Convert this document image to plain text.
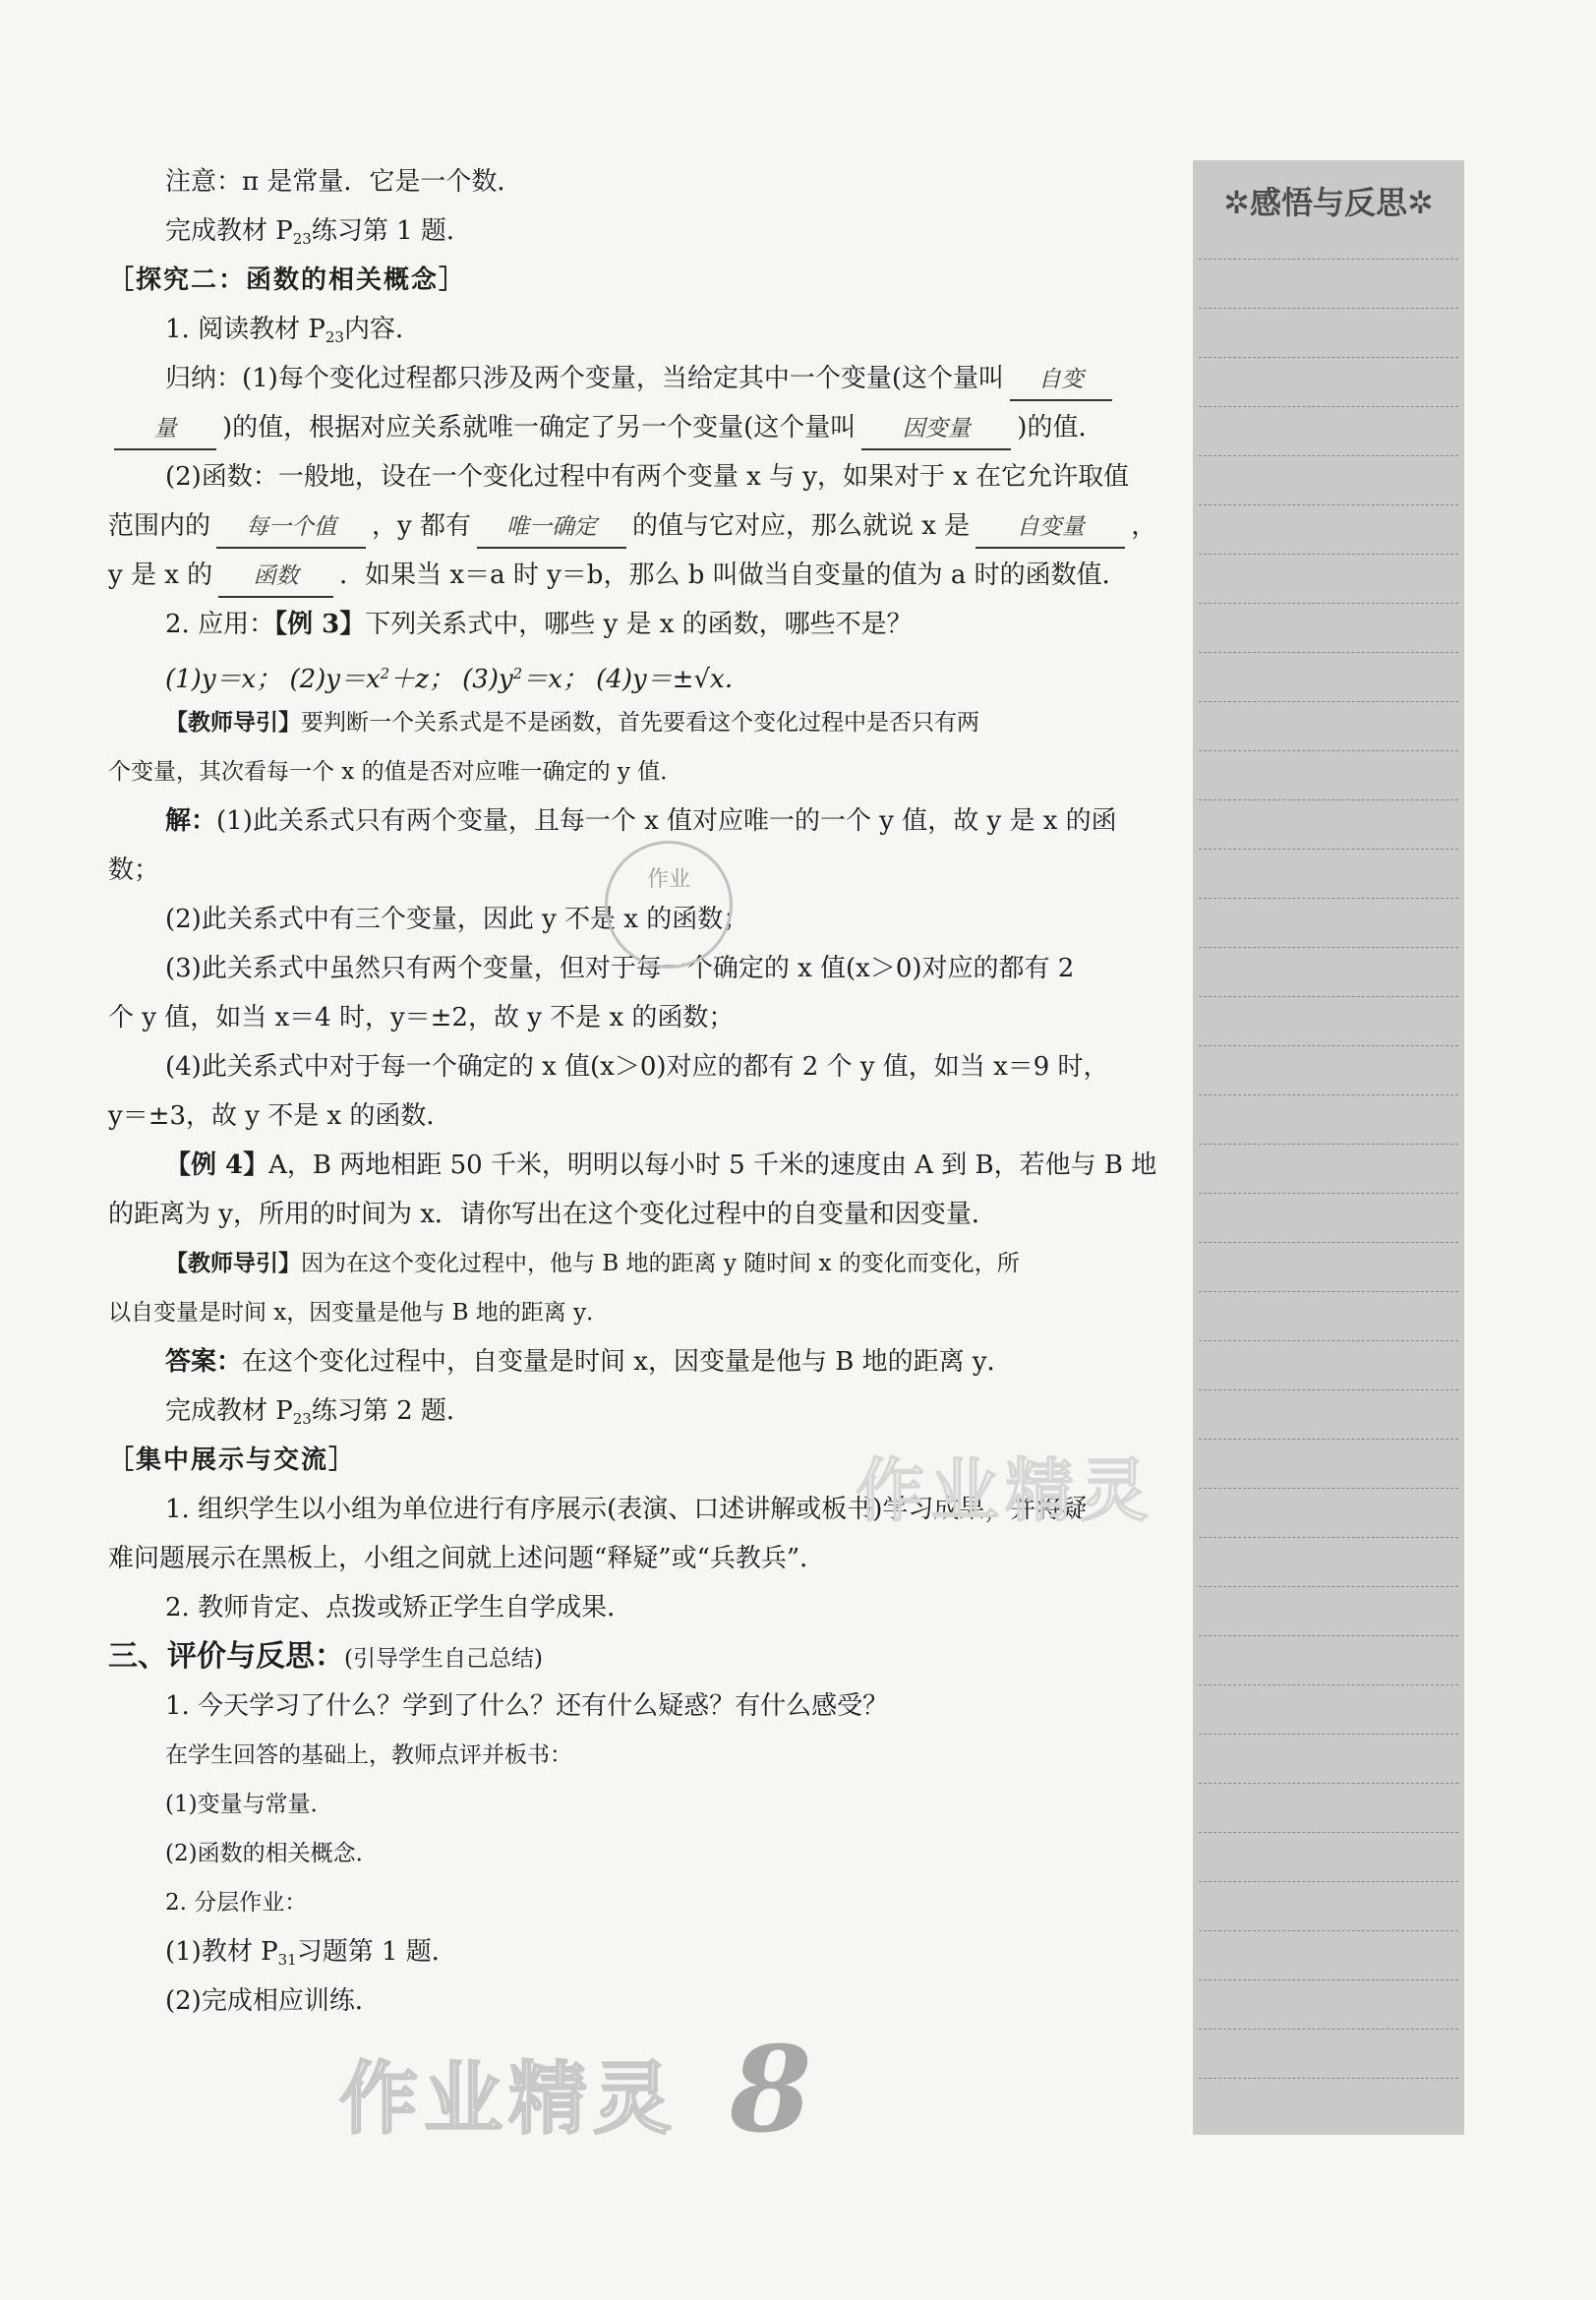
注意：π 是常量．它是一个数．
完成教材 $P_{23}$练习第 1 题．
［探究二：函数的相关概念］
1. 阅读教材 $P_{23}$内容．
归纳：(1)每个变化过程都只涉及两个变量，当给定其中一个变量(这个量叫 自变
量 )的值，根据对应关系就唯一确定了另一个变量(这个量叫 因变量 )的值．
(2)函数：一般地，设在一个变化过程中有两个变量 x 与 y，如果对于 x 在它允许取值
范围内的 每一个值 ，y 都有 唯一确定 的值与它对应，那么就说 x 是 自变量 ，
y 是 x 的 函数 ．如果当 x＝a 时 y＝b，那么 b 叫做当自变量的值为 a 时的函数值．
2. 应用：【例 3】下列关系式中，哪些 y 是 x 的函数，哪些不是？
(1)y＝x； $(2)y=x^2+z$； $(3)y^2=x$； (4)y＝±√x．
【教师导引】要判断一个关系式是不是函数，首先要看这个变化过程中是否只有两
个变量，其次看每一个 x 的值是否对应唯一确定的 y 值．
解：(1)此关系式只有两个变量，且每一个 x 值对应唯一的一个 y 值，故 y 是 x 的函
数；
(2)此关系式中有三个变量，因此 y 不是 x 的函数；
(3)此关系式中虽然只有两个变量，但对于每一个确定的 x 值(x＞0)对应的都有 2
个 y 值，如当 x＝4 时，y＝±2，故 y 不是 x 的函数；
(4)此关系式中对于每一个确定的 x 值(x＞0)对应的都有 2 个 y 值，如当 x＝9 时，
y＝±3，故 y 不是 x 的函数．
【例 4】A，B 两地相距 50 千米，明明以每小时 5 千米的速度由 A 到 B，若他与 B 地
的距离为 y，所用的时间为 x．请你写出在这个变化过程中的自变量和因变量．
【教师导引】因为在这个变化过程中，他与 B 地的距离 y 随时间 x 的变化而变化，所
以自变量是时间 x，因变量是他与 B 地的距离 y．
答案：在这个变化过程中，自变量是时间 x，因变量是他与 B 地的距离 y．
完成教材 $P_{23}$练习第 2 题．
［集中展示与交流］
1. 组织学生以小组为单位进行有序展示(表演、口述讲解或板书)学习成果，并将疑
难问题展示在黑板上，小组之间就上述问题“释疑”或“兵教兵”．
2. 教师肯定、点拨或矫正学生自学成果．
三、评价与反思：(引导学生自己总结)
1. 今天学习了什么？学到了什么？还有什么疑惑？有什么感受？
在学生回答的基础上，教师点评并板书：
(1)变量与常量．
(2)函数的相关概念．
2. 分层作业：
(1)教材 $P_{31}$习题第 1 题．
(2)完成相应训练．
✲感悟与反思✲
作业
作业精灵
作业精灵 8
